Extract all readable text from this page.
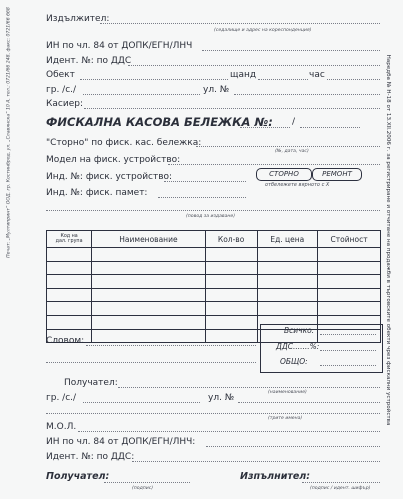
Печат: „Мултипринт“ ООД, гр. Костинброд, ул. „Славянска“ 10 А, тел.: 0721/66 248, факс: 0721/66 668	Наредба № Н-18 от 13.XII.2006 г. за регистриране и отчитане на продажби в търговските обекти чрез фискални устройства
Издължител:
(седалище и адрес на кореспонденция)
ИН по чл. 84 от ДОПК/ЕГН/ЛНЧ
Идент. №: по ДДС
Обект	щанд	час
гр. /с./	ул. №
Касиер:
ФИСКАЛНА КАСОВА БЕЛЕЖКА №: /
"Сторно" по фиск. кас. бележка:
(№, дата, час)
Модел на фиск. устройство:
Инд. №: фиск. устройство:	СТОРНО	РЕМОНТ
отбележете вярното с Х
Инд. №: фиск. памет:
(повод за издаване)
Код на
дал. група	Наименование	Кол-во	Ед. цена	Стойност

Словом:
Всичко:
ДДС.......%:
ОБЩО:
Получател:
(наименование)
гр. /с./	ул. №
(трите имена)
М.О.Л.
ИН по чл. 84 от ДОПК/ЕГН/ЛНЧ:
Идент. №: по ДДС:
Получател:
(подпис)
Изпълнител:
(подпис / идент. шифър)
